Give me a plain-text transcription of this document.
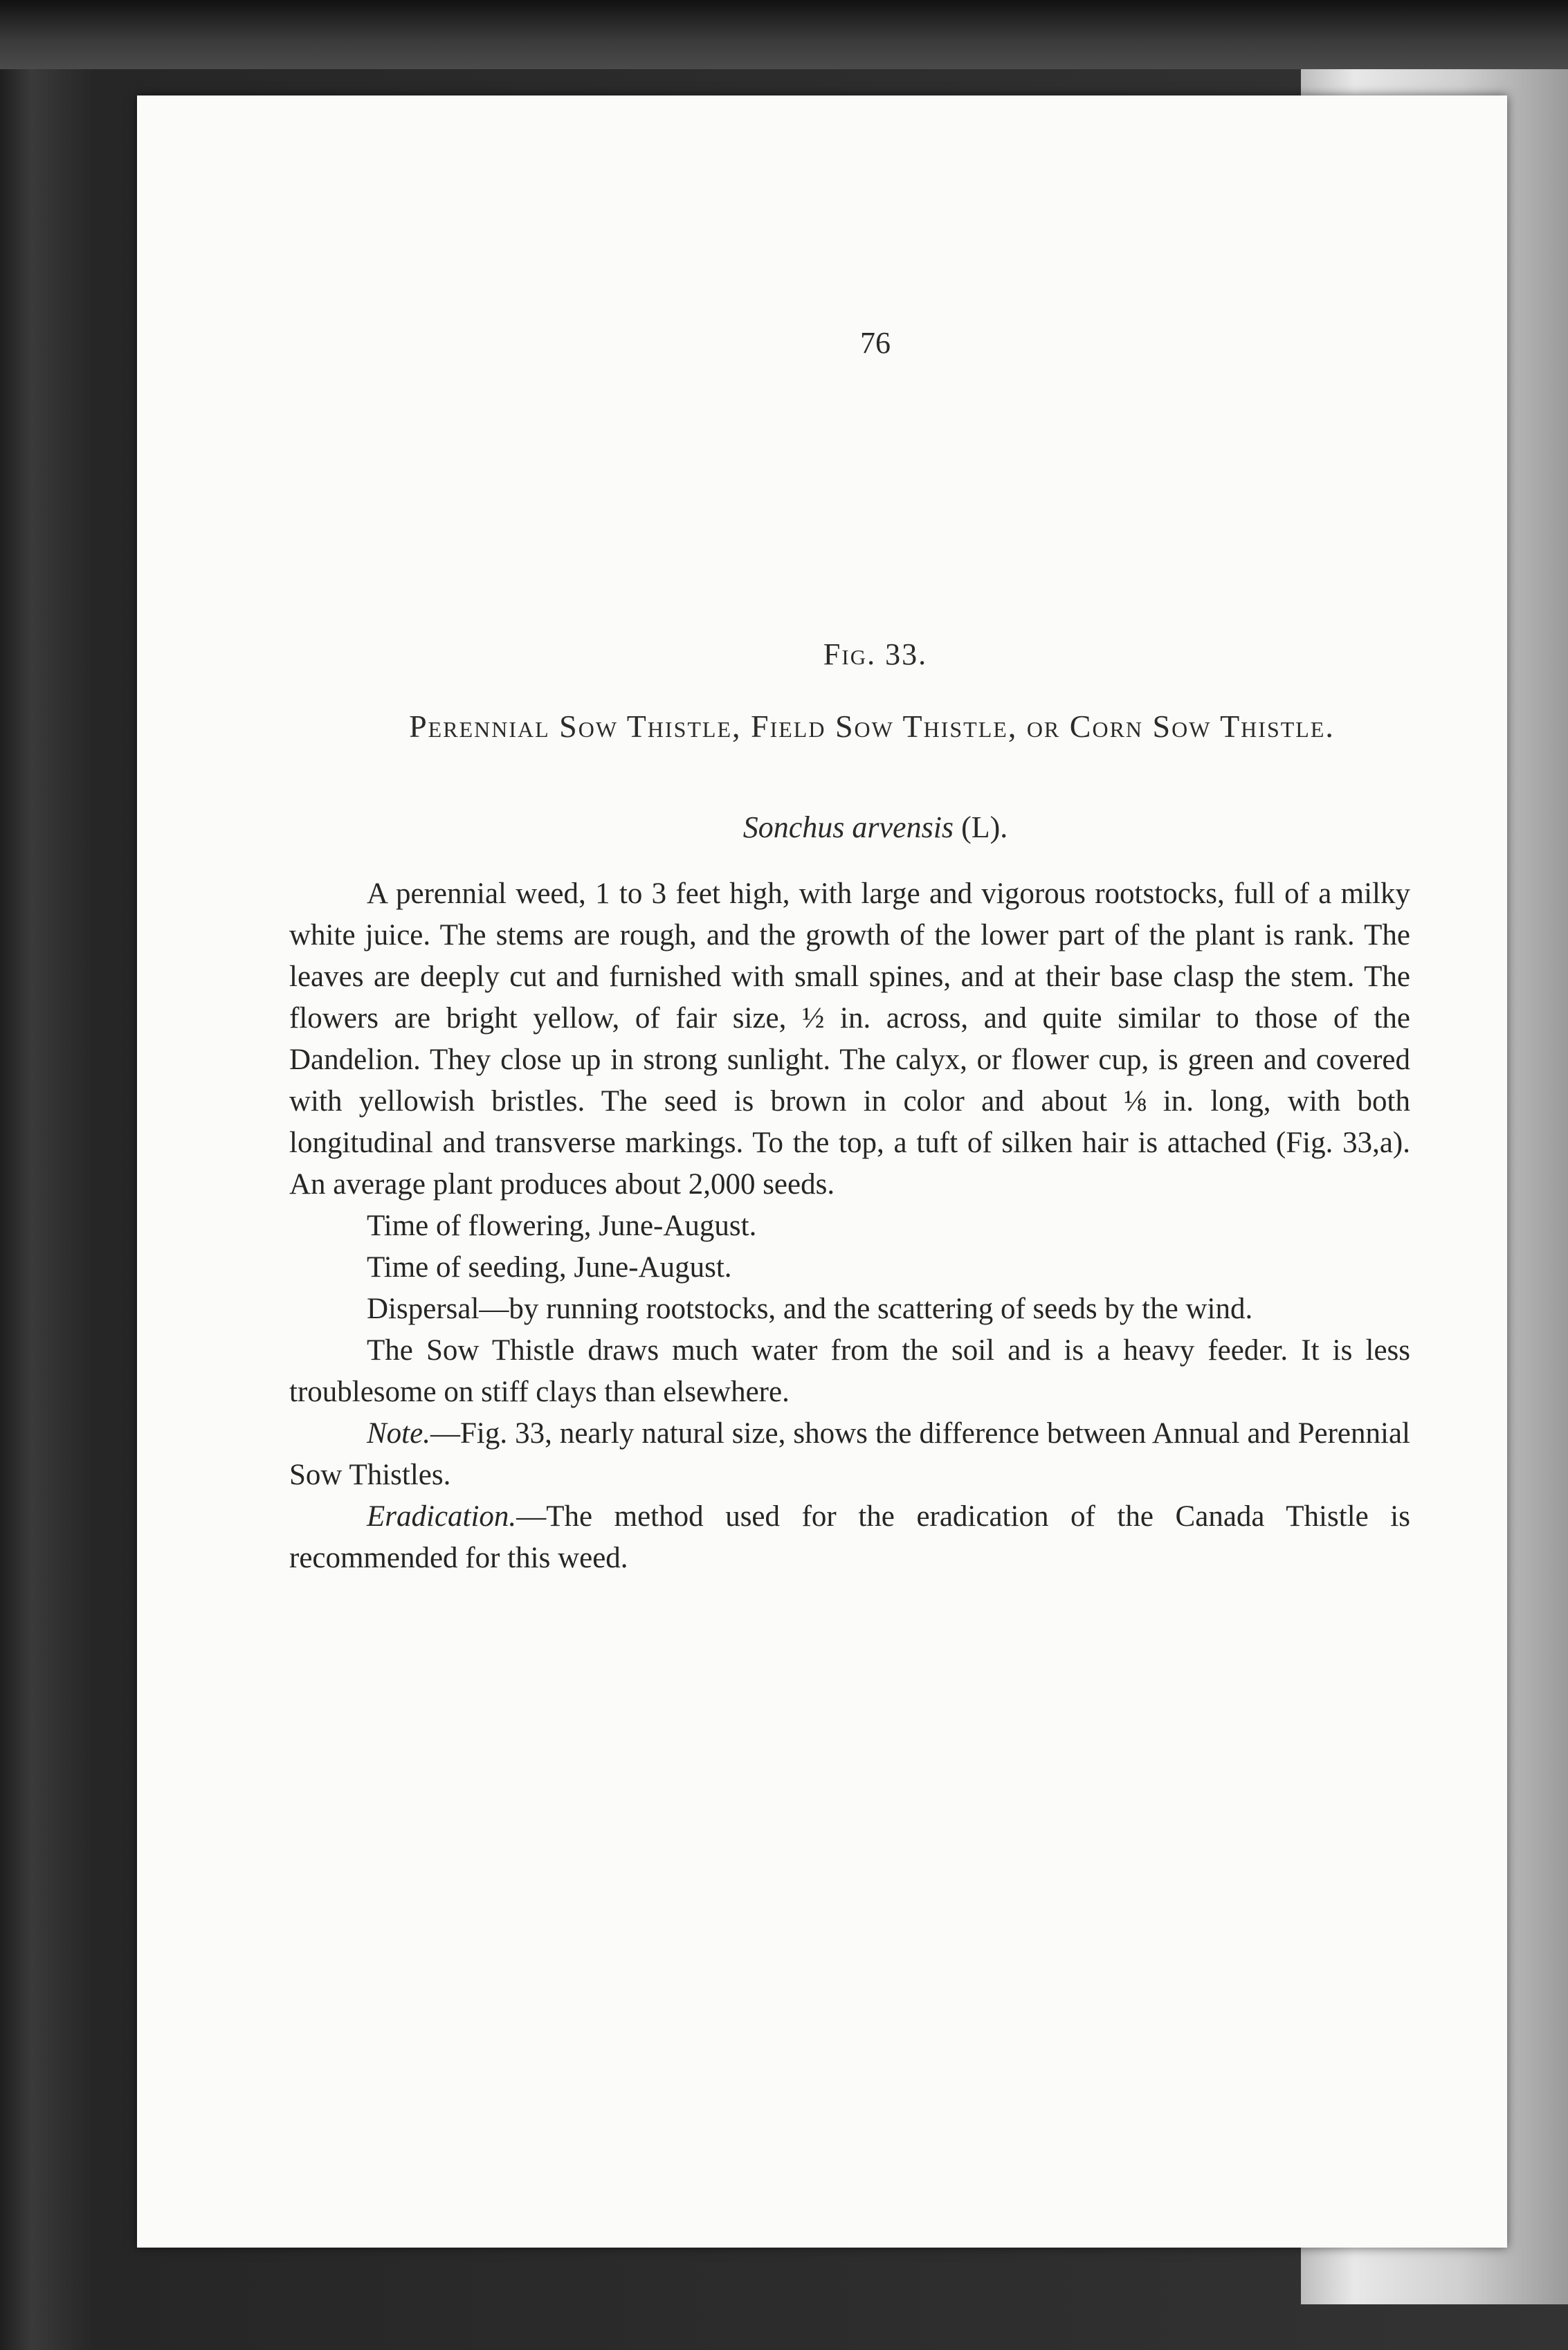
76
Fig. 33.
Perennial Sow Thistle, Field Sow Thistle, or Corn Sow Thistle.
Sonchus arvensis (L).

A perennial weed, 1 to 3 feet high, with large and vigorous rootstocks, full of a milky white juice. The stems are rough, and the growth of the lower part of the plant is rank. The leaves are deeply cut and furnished with small spines, and at their base clasp the stem. The flowers are bright yellow, of fair size, ½ in. across, and quite similar to those of the Dandelion. They close up in strong sunlight. The calyx, or flower cup, is green and covered with yellowish bristles. The seed is brown in color and about ⅛ in. long, with both longitudinal and transverse markings. To the top, a tuft of silken hair is attached (Fig. 33,a). An average plant produces about 2,000 seeds.

Time of flowering, June-August.

Time of seeding, June-August.

Dispersal—by running rootstocks, and the scattering of seeds by the wind.

The Sow Thistle draws much water from the soil and is a heavy feeder. It is less troublesome on stiff clays than elsewhere.

Note.—Fig. 33, nearly natural size, shows the difference between Annual and Perennial Sow Thistles.

Eradication.—The method used for the eradication of the Canada Thistle is recommended for this weed.
